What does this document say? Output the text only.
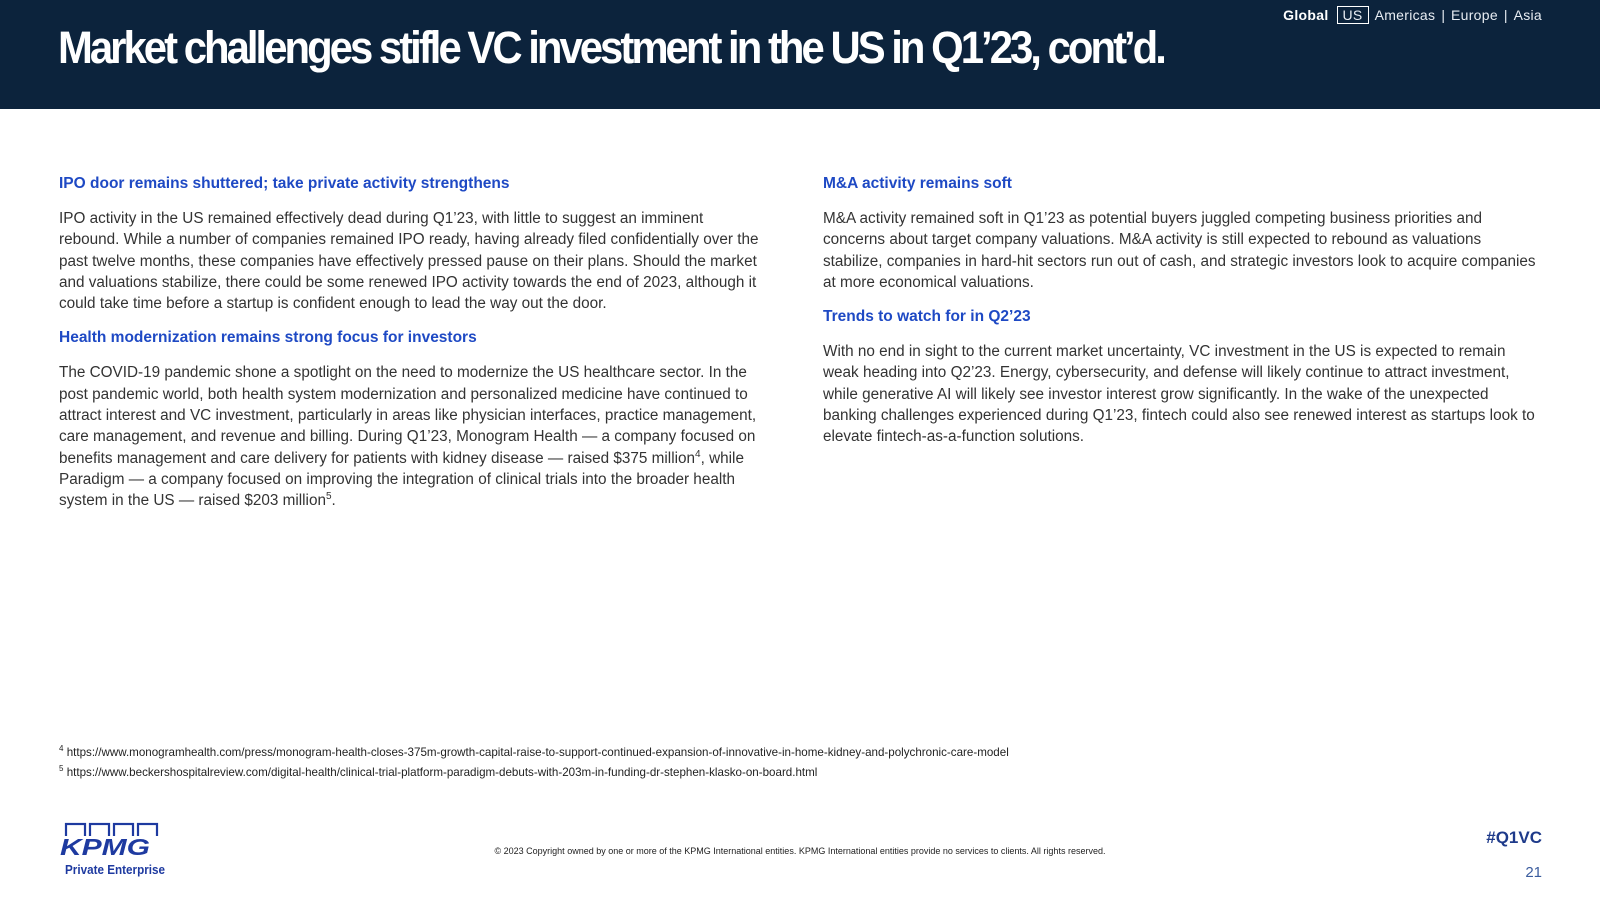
Market challenges stifle VC investment in the US in Q1’23, cont’d.
Global	US Americas | Europe | Asia
IPO door remains shuttered; take private activity strengthens

IPO activity in the US remained effectively dead during Q1’23, with little to suggest an imminent rebound. While a number of companies remained IPO ready, having already filed confidentially over the past twelve months, these companies have effectively pressed pause on their plans. Should the market and valuations stabilize, there could be some renewed IPO activity towards the end of 2023, although it could take time before a startup is confident enough to lead the way out the door.

Health modernization remains strong focus for investors

The COVID-19 pandemic shone a spotlight on the need to modernize the US healthcare sector. In the post pandemic world, both health system modernization and personalized medicine have continued to attract interest and VC investment, particularly in areas like physician interfaces, practice management, care management, and revenue and billing. During Q1’23, Monogram Health — a company focused on benefits management and care delivery for patients with kidney disease — raised $375 million$^4$, while Paradigm — a company focused on improving the integration of clinical trials into the broader health system in the US — raised $203 million$^5$.

M&A activity remains soft

M&A activity remained soft in Q1’23 as potential buyers juggled competing business priorities and concerns about target company valuations. M&A activity is still expected to rebound as valuations stabilize, companies in hard-hit sectors run out of cash, and strategic investors look to acquire companies at more economical valuations.

Trends to watch for in Q2’23

With no end in sight to the current market uncertainty, VC investment in the US is expected to remain weak heading into Q2’23. Energy, cybersecurity, and defense will likely continue to attract investment, while generative AI will likely see investor interest grow significantly. In the wake of the unexpected banking challenges experienced during Q1’23, fintech could also see renewed interest as startups look to elevate fintech-as-a-function solutions.

$^4$ https://www.monogramhealth.com/press/monogram-health-closes-375m-growth-capital-raise-to-support-continued-expansion-of-innovative-in-home-kidney-and-polychronic-care-model
$^5$ https://www.beckershospitalreview.com/digital-health/clinical-trial-platform-paradigm-debuts-with-203m-in-funding-dr-stephen-klasko-on-board.html
KPMG
Private Enterprise
© 2023 Copyright owned by one or more of the KPMG International entities. KPMG International entities provide no services to clients. All rights reserved.
#Q1VC
21
